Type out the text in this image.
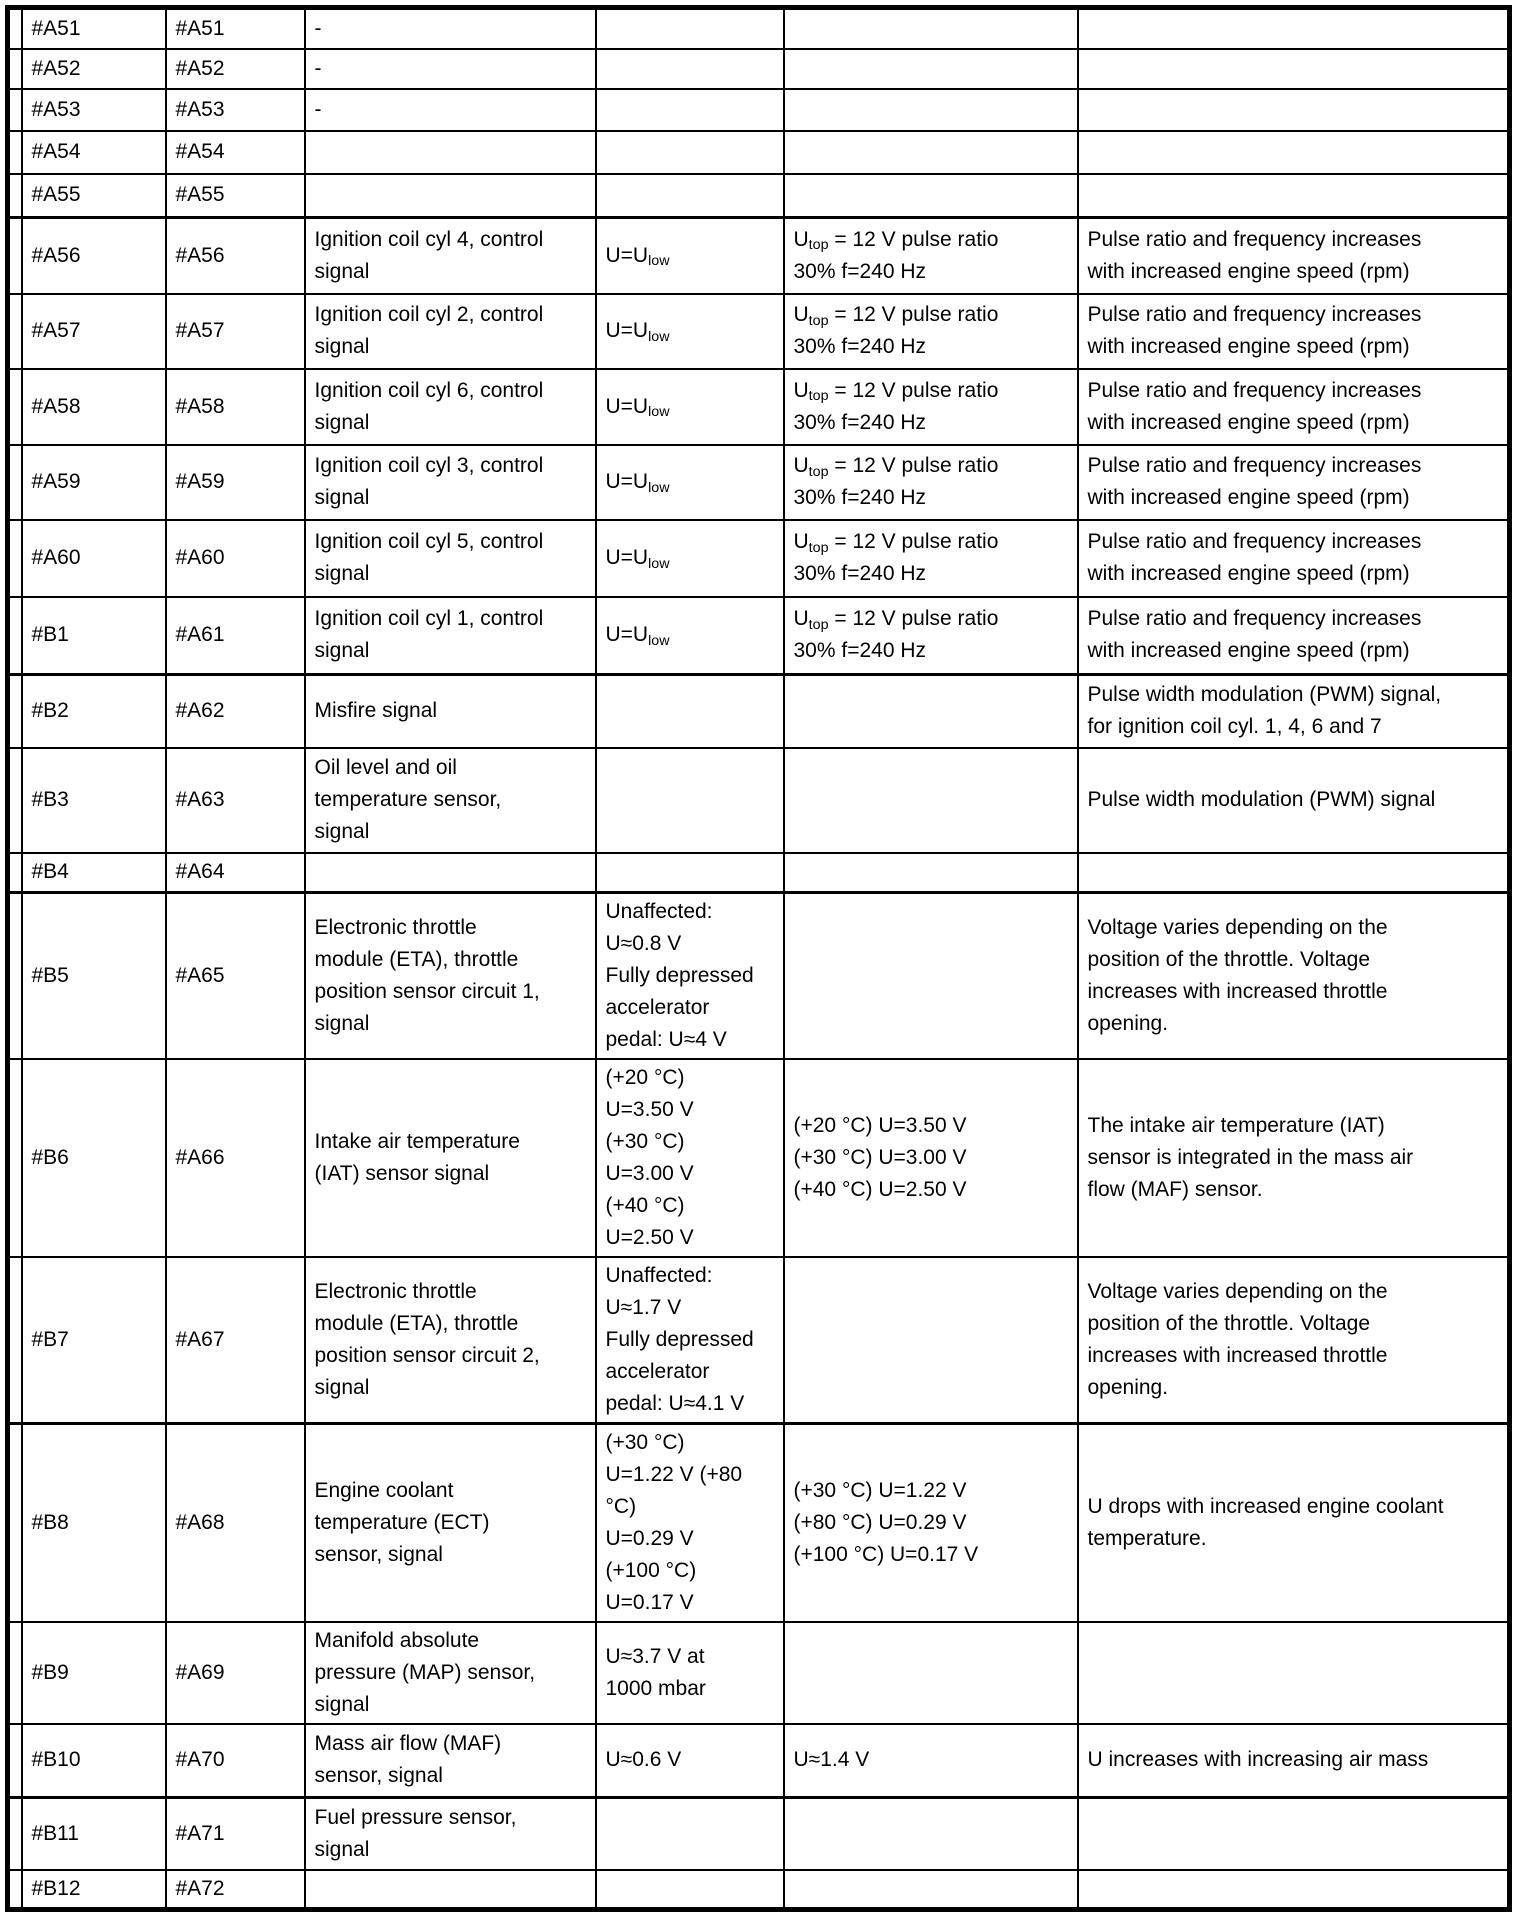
	#A51	#A51	-			
	#A52	#A52	-			
	#A53	#A53	-			
	#A54	#A54				
	#A55	#A55				
	#A56	#A56	Ignition coil cyl 4, control
signal	$U=U_{low}$	$U_{top} = 12$ V pulse ratio
30% f=240 Hz	Pulse ratio and frequency increases
with increased engine speed (rpm)
	#A57	#A57	Ignition coil cyl 2, control
signal	$U=U_{low}$	$U_{top} = 12$ V pulse ratio
30% f=240 Hz	Pulse ratio and frequency increases
with increased engine speed (rpm)
	#A58	#A58	Ignition coil cyl 6, control
signal	$U=U_{low}$	$U_{top} = 12$ V pulse ratio
30% f=240 Hz	Pulse ratio and frequency increases
with increased engine speed (rpm)
	#A59	#A59	Ignition coil cyl 3, control
signal	$U=U_{low}$	$U_{top} = 12$ V pulse ratio
30% f=240 Hz	Pulse ratio and frequency increases
with increased engine speed (rpm)
	#A60	#A60	Ignition coil cyl 5, control
signal	$U=U_{low}$	$U_{top} = 12$ V pulse ratio
30% f=240 Hz	Pulse ratio and frequency increases
with increased engine speed (rpm)
	#B1	#A61	Ignition coil cyl 1, control
signal	$U=U_{low}$	$U_{top} = 12$ V pulse ratio
30% f=240 Hz	Pulse ratio and frequency increases
with increased engine speed (rpm)
	#B2	#A62	Misfire signal			Pulse width modulation (PWM) signal,
for ignition coil cyl. 1, 4, 6 and 7
	#B3	#A63	Oil level and oil
temperature sensor,
signal			Pulse width modulation (PWM) signal
	#B4	#A64				
	#B5	#A65	Electronic throttle
module (ETA), throttle
position sensor circuit 1,
signal	Unaffected:
U≈0.8 V
Fully depressed
accelerator
pedal: U≈4 V		Voltage varies depending on the
position of the throttle. Voltage
increases with increased throttle
opening.
	#B6	#A66	Intake air temperature
(IAT) sensor signal	(+20 °C)
U=3.50 V
(+30 °C)
U=3.00 V
(+40 °C)
U=2.50 V	(+20 °C) U=3.50 V
(+30 °C) U=3.00 V
(+40 °C) U=2.50 V	The intake air temperature (IAT)
sensor is integrated in the mass air
flow (MAF) sensor.
	#B7	#A67	Electronic throttle
module (ETA), throttle
position sensor circuit 2,
signal	Unaffected:
U≈1.7 V
Fully depressed
accelerator
pedal: U≈4.1 V		Voltage varies depending on the
position of the throttle. Voltage
increases with increased throttle
opening.
	#B8	#A68	Engine coolant
temperature (ECT)
sensor, signal	(+30 °C)
U=1.22 V (+80
°C)
U=0.29 V
(+100 °C)
U=0.17 V	(+30 °C) U=1.22 V
(+80 °C) U=0.29 V
(+100 °C) U=0.17 V	U drops with increased engine coolant
temperature.
	#B9	#A69	Manifold absolute
pressure (MAP) sensor,
signal	U≈3.7 V at
1000 mbar		
	#B10	#A70	Mass air flow (MAF)
sensor, signal	U≈0.6 V	U≈1.4 V	U increases with increasing air mass
	#B11	#A71	Fuel pressure sensor,
signal			
	#B12	#A72				
